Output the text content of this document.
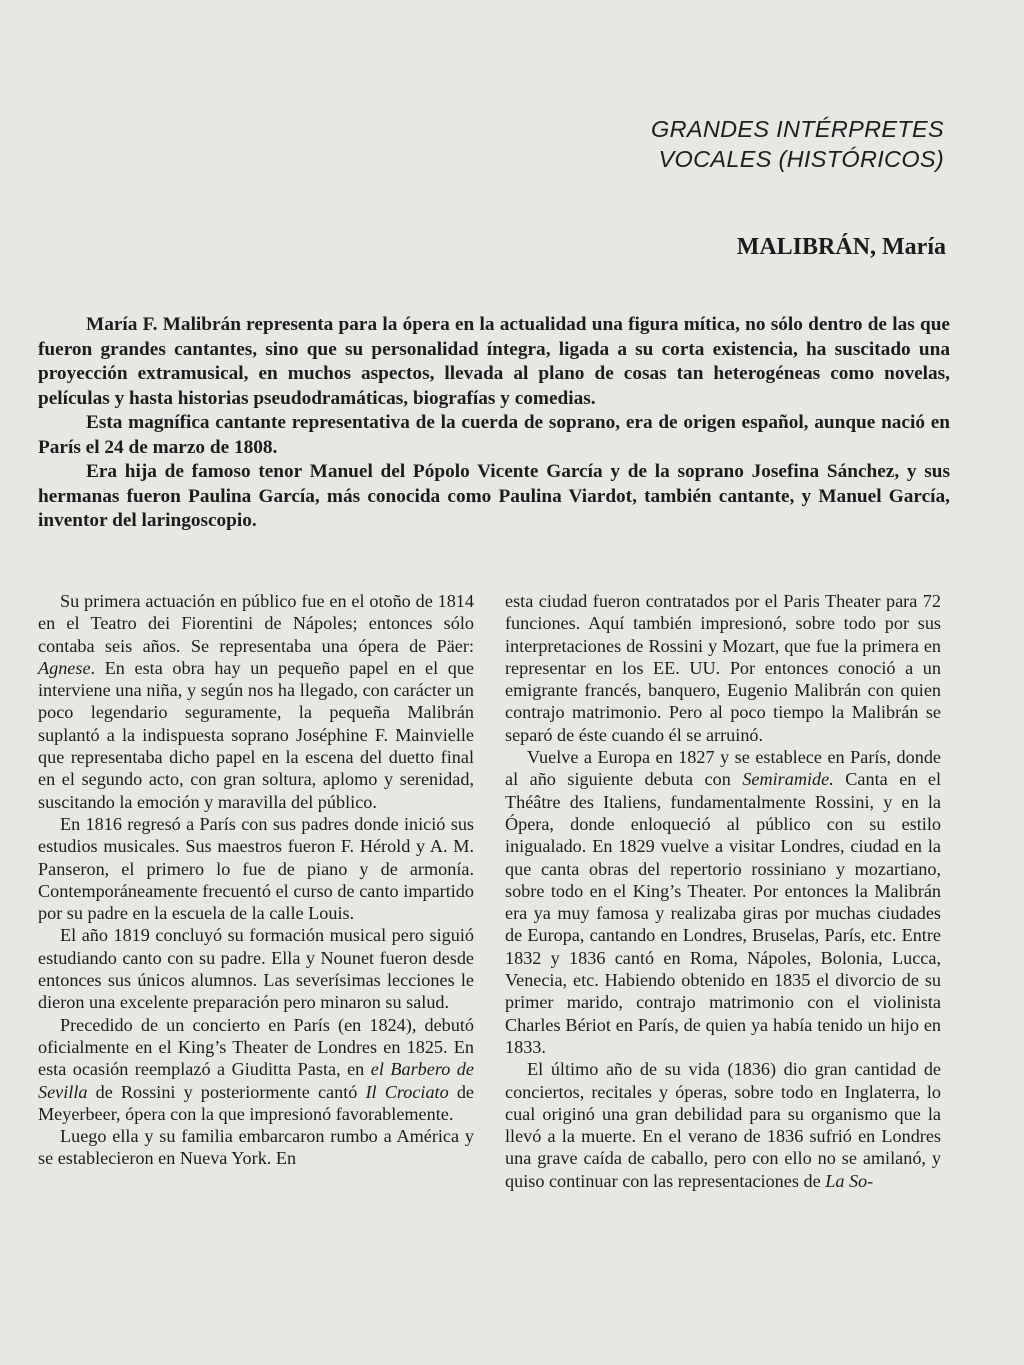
GRANDES INTÉRPRETES
VOCALES (HISTÓRICOS)
MALIBRÁN, María

María F. Malibrán representa para la ópera en la actualidad una figura mítica, no sólo dentro de las que fueron grandes cantantes, sino que su personalidad íntegra, ligada a su corta existencia, ha suscitado una proyección extramusical, en muchos aspectos, llevada al plano de cosas tan heterogéneas como novelas, películas y hasta historias pseudodramáticas, biografías y comedias.

Esta magnífica cantante representativa de la cuerda de soprano, era de origen español, aunque nació en París el 24 de marzo de 1808.

Era hija de famoso tenor Manuel del Pópolo Vicente García y de la soprano Josefina Sánchez, y sus hermanas fueron Paulina García, más conocida como Paulina Viardot, también cantante, y Manuel García, inventor del laringoscopio.

Su primera actuación en público fue en el otoño de 1814 en el Teatro dei Fiorentini de Nápoles; entonces sólo contaba seis años. Se representaba una ópera de Päer: Agnese. En esta obra hay un pequeño papel en el que interviene una niña, y según nos ha llegado, con carácter un poco legendario seguramente, la pequeña Malibrán suplantó a la indispuesta soprano Joséphine F. Mainvielle que representaba dicho papel en la escena del duetto final en el segundo acto, con gran soltura, aplomo y serenidad, suscitando la emoción y maravilla del público.

En 1816 regresó a París con sus padres donde inició sus estudios musicales. Sus maestros fueron F. Hérold y A. M. Panseron, el primero lo fue de piano y de armonía. Contemporáneamente frecuentó el curso de canto impartido por su padre en la escuela de la calle Louis.

El año 1819 concluyó su formación musical pero siguió estudiando canto con su padre. Ella y Nounet fueron desde entonces sus únicos alumnos. Las severísimas lecciones le dieron una excelente preparación pero minaron su salud.

Precedido de un concierto en París (en 1824), debutó oficialmente en el King’s Theater de Londres en 1825. En esta ocasión reemplazó a Giuditta Pasta, en el Barbero de Sevilla de Rossini y posteriormente cantó Il Crociato de Meyerbeer, ópera con la que impresionó favorablemente.

Luego ella y su familia embarcaron rumbo a América y se establecieron en Nueva York. En

esta ciudad fueron contratados por el Paris Theater para 72 funciones. Aquí también impresionó, sobre todo por sus interpretaciones de Rossini y Mozart, que fue la primera en representar en los EE. UU. Por entonces conoció a un emigrante francés, banquero, Eugenio Malibrán con quien contrajo matrimonio. Pero al poco tiempo la Malibrán se separó de éste cuando él se arruinó.

Vuelve a Europa en 1827 y se establece en París, donde al año siguiente debuta con Semiramide. Canta en el Théâtre des Italiens, fundamentalmente Rossini, y en la Ópera, donde enloqueció al público con su estilo inigualado. En 1829 vuelve a visitar Londres, ciudad en la que canta obras del repertorio rossiniano y mozartiano, sobre todo en el King’s Theater. Por entonces la Malibrán era ya muy famosa y realizaba giras por muchas ciudades de Europa, cantando en Londres, Bruselas, París, etc. Entre 1832 y 1836 cantó en Roma, Nápoles, Bolonia, Lucca, Venecia, etc. Habiendo obtenido en 1835 el divorcio de su primer marido, contrajo matrimonio con el violinista Charles Bériot en París, de quien ya había tenido un hijo en 1833.

El último año de su vida (1836) dio gran cantidad de conciertos, recitales y óperas, sobre todo en Inglaterra, lo cual originó una gran debilidad para su organismo que la llevó a la muerte. En el verano de 1836 sufrió en Londres una grave caída de caballo, pero con ello no se amilanó, y quiso continuar con las representaciones de La So-
